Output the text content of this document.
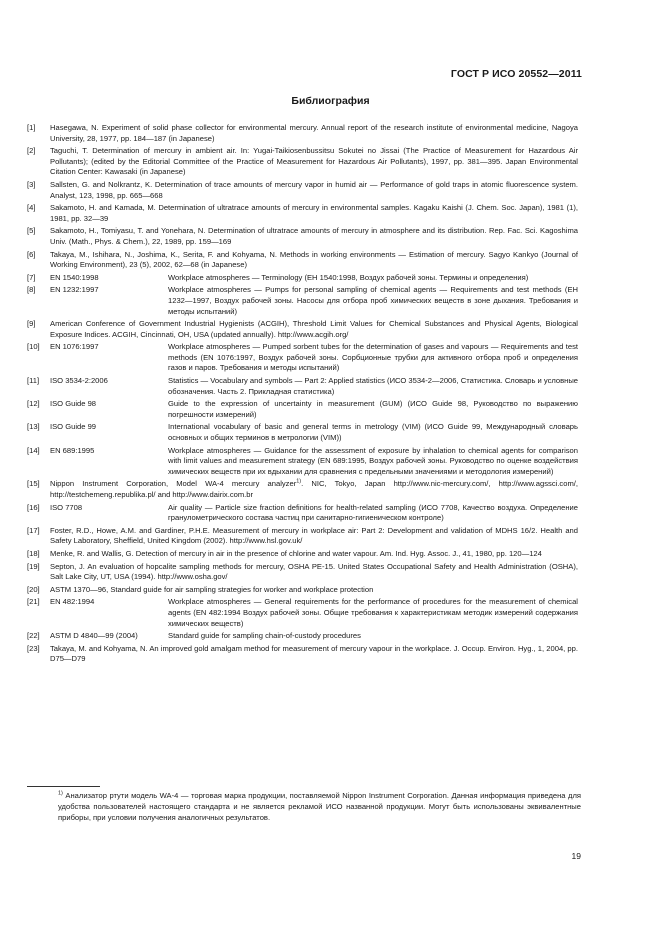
ГОСТ Р ИСО 20552—2011
Библиография
[1]	Hasegawa, N. Experiment of solid phase collector for environmental mercury. Annual report of the research institute of environmental medicine, Nagoya University, 28, 1977, pp. 184—187 (in Japanese)
[2]	Taguchi, T. Determination of mercury in ambient air. In: Yugai-Taikiosenbussitsu Sokutei no Jissai (The Practice of Measurement for Hazardous Air Pollutants); (edited by the Editorial Committee of the Practice of Measurement for Hazardous Air Pollutants), 1997, pp. 381—395. Japan Environmental Citation Center: Kawasaki (in Japanese)
[3]	Sallsten, G. and Nolkrantz, K. Determination of trace amounts of mercury vapor in humid air — Performance of gold traps in atomic fluorescence system. Analyst, 123, 1998, pp. 665—668
[4]	Sakamoto, H. and Kamada, M. Determination of ultratrace amounts of mercury in environmental samples. Kagaku Kaishi (J. Chem. Soc. Japan), 1981 (1), 1981, pp. 32—39
[5]	Sakamoto, H., Tomiyasu, T. and Yonehara, N. Determination of ultratrace amounts of mercury in atmosphere and its distribution. Rep. Fac. Sci. Kagoshima Univ. (Math., Phys. & Chem.), 22, 1989, pp. 159—169
[6]	Takaya, M., Ishihara, N., Joshima, K., Serita, F. and Kohyama, N. Methods in working environments — Estimation of mercury. Sagyo Kankyo (Journal of Working Environment), 23 (5), 2002, 62—68 (in Japanese)
[7]	EN 1540:1998	Workplace atmospheres — Terminology (ЕН 1540:1998, Воздух рабочей зоны. Термины и определения)
[8]	EN 1232:1997	Workplace atmospheres — Pumps for personal sampling of chemical agents — Requirements and test methods (ЕН 1232—1997, Воздух рабочей зоны. Насосы для отбора проб химических веществ в зоне дыхания. Требования и методы испытаний)
[9]	American Conference of Government Industrial Hygienists (ACGIH), Threshold Limit Values for Chemical Substances and Physical Agents, Biological Exposure Indices. ACGIH, Cincinnati, OH, USA (updated annually). http://www.acgih.org/
[10]	EN 1076:1997	Workplace atmospheres — Pumped sorbent tubes for the determination of gases and vapours — Requirements and test methods (EN 1076:1997, Воздух рабочей зоны. Сорбционные трубки для активного отбора проб и определения газов и паров. Требования и методы испытаний)
[11]	ISO 3534-2:2006	Statistics — Vocabulary and symbols — Part 2: Applied statistics (ИСО 3534-2—2006, Статистика. Словарь и условные обозначения. Часть 2. Прикладная статистика)
[12]	ISO Guide 98	Guide to the expression of uncertainty in measurement (GUM) (ИСО Guide 98, Руководство по выражению погрешности измерений)
[13]	ISO Guide 99	International vocabulary of basic and general terms in metrology (VIM) (ИСО Guide 99, Международный словарь основных и общих терминов в метрологии (VIM))
[14]	EN 689:1995	Workplace atmospheres — Guidance for the assessment of exposure by inhalation to chemical agents for comparison with limit values and measurement strategy (EN 689:1995, Воздух рабочей зоны. Руководство по оценке воздействия химических веществ при их вдыхании для сравнения с предельными значениями и методология измерений)
[15]	Nippon Instrument Corporation, Model WA-4 mercury analyzer$^{1)}$. NIC, Tokyo, Japan http://www.nic-mercury.com/, http://www.agssci.com/, http://testchemeng.republika.pl/ and http://www.dairix.com.br
[16]	ISO 7708	Air quality — Particle size fraction definitions for health-related sampling (ИСО 7708, Качество воздуха. Определение гранулометрического состава частиц при санитарно-гигиеническом контроле)
[17]	Foster, R.D., Howe, A.M. and Gardiner, P.H.E. Measurement of mercury in workplace air: Part 2: Development and validation of MDHS 16/2. Health and Safety Laboratory, Sheffield, United Kingdom (2002). http://www.hsl.gov.uk/
[18]	Menke, R. and Wallis, G. Detection of mercury in air in the presence of chlorine and water vapour. Am. Ind. Hyg. Assoc. J., 41, 1980, pp. 120—124
[19]	Septon, J. An evaluation of hopcalite sampling methods for mercury, OSHA PE-15. United States Occupational Safety and Health Administration (OSHA), Salt Lake City, UT, USA (1994). http://www.osha.gov/
[20]	ASTM 1370—96, Standard guide for air sampling strategies for worker and workplace protection
[21]	EN 482:1994	Workplace atmospheres — General requirements for the performance of procedures for the measurement of chemical agents (EN 482:1994 Воздух рабочей зоны. Общие требования к характеристикам методик измерений содержания химических веществ)
[22]	ASTM D 4840—99 (2004)	Standard guide for sampling chain-of-custody procedures
[23]	Takaya, M. and Kohyama, N. An improved gold amalgam method for measurement of mercury vapour in the workplace. J. Occup. Environ. Hyg., 1, 2004, pp. D75—D79
$^{1)}$ Анализатор ртути модель WA-4 — торговая марка продукции, поставляемой Nippon Instrument Corporation. Данная информация приведена для удобства пользователей настоящего стандарта и не является рекламой ИСО названной продукции. Могут быть использованы эквивалентные приборы, при условии получения аналогичных результатов.
19
